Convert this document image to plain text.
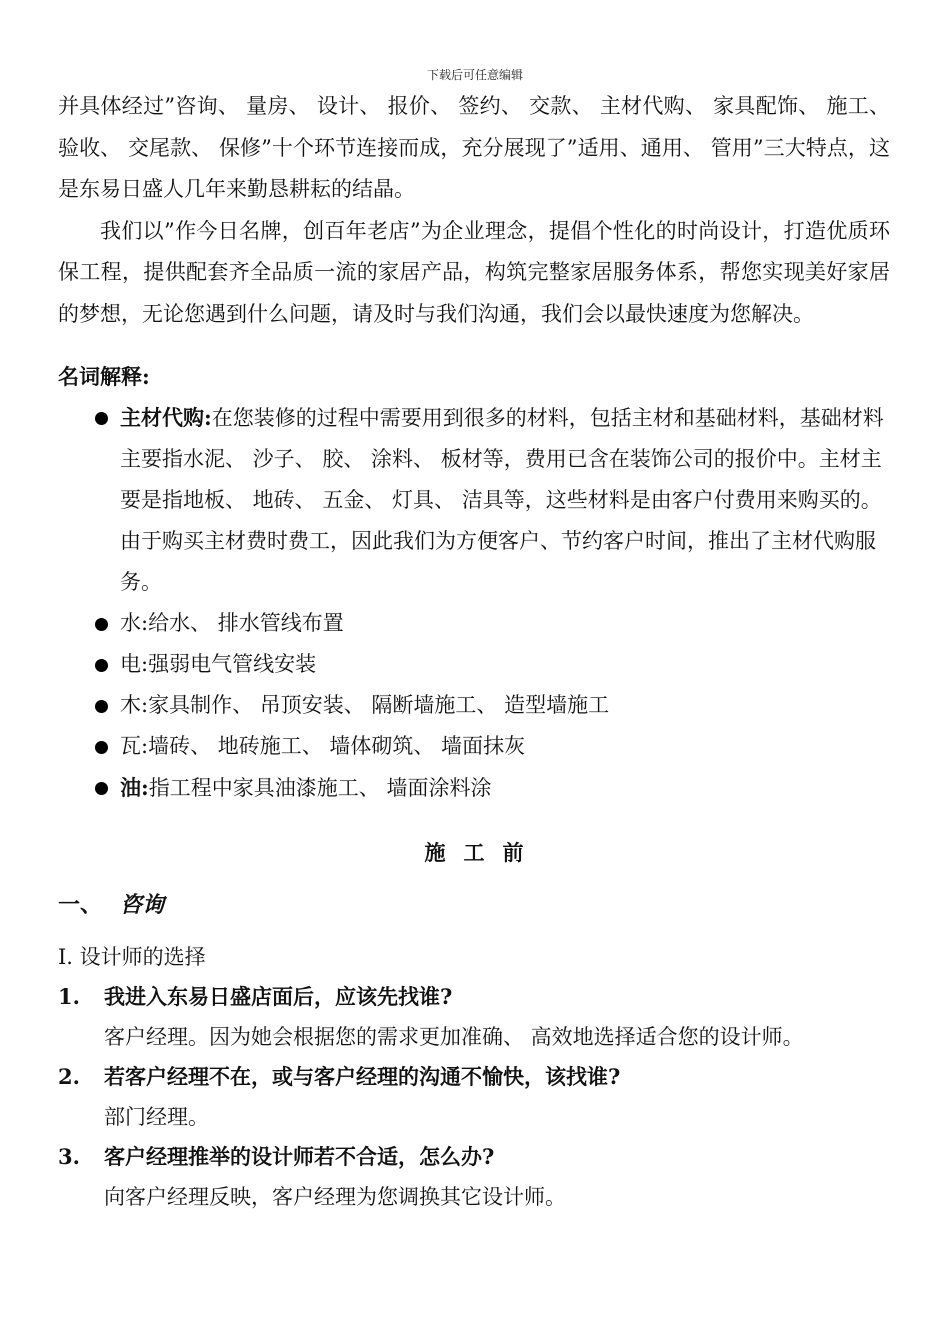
下载后可任意编辑

并具体经过”咨询、 量房、 设计、 报价、 签约、 交款、 主材代购、 家具配饰、 施工、 验收、 交尾款、 保修”十个环节连接而成，充分展现了”适用、通用、 管用”三大特点，这是东易日盛人几年来勤恳耕耘的结晶。

我们以”作今日名牌，创百年老店”为企业理念，提倡个性化的时尚设计，打造优质环保工程，提供配套齐全品质一流的家居产品，构筑完整家居服务体系，帮您实现美好家居的梦想，无论您遇到什么问题，请及时与我们沟通，我们会以最快速度为您解决。

名词解释:
主材代购:在您装修的过程中需要用到很多的材料，包括主材和基础材料，基础材料主要指水泥、 沙子、 胶、 涂料、 板材等，费用已含在装饰公司的报价中。主材主要是指地板、 地砖、 五金、 灯具、 洁具等，这些材料是由客户付费用来购买的。由于购买主材费时费工，因此我们为方便客户、节约客户时间，推出了主材代购服务。
水:给水、 排水管线布置
电:强弱电气管线安装
木:家具制作、 吊顶安装、 隔断墙施工、 造型墙施工
瓦:墙砖、 地砖施工、 墙体砌筑、 墙面抹灰
油:指工程中家具油漆施工、 墙面涂料涂
施工前
一、 咨询
Ⅰ. 设计师的选择
1. 我进入东易日盛店面后，应该先找谁?
客户经理。因为她会根据您的需求更加准确、 高效地选择适合您的设计师。
2. 若客户经理不在，或与客户经理的沟通不愉快，该找谁?
部门经理。
3. 客户经理推举的设计师若不合适，怎么办?
向客户经理反映，客户经理为您调换其它设计师。
